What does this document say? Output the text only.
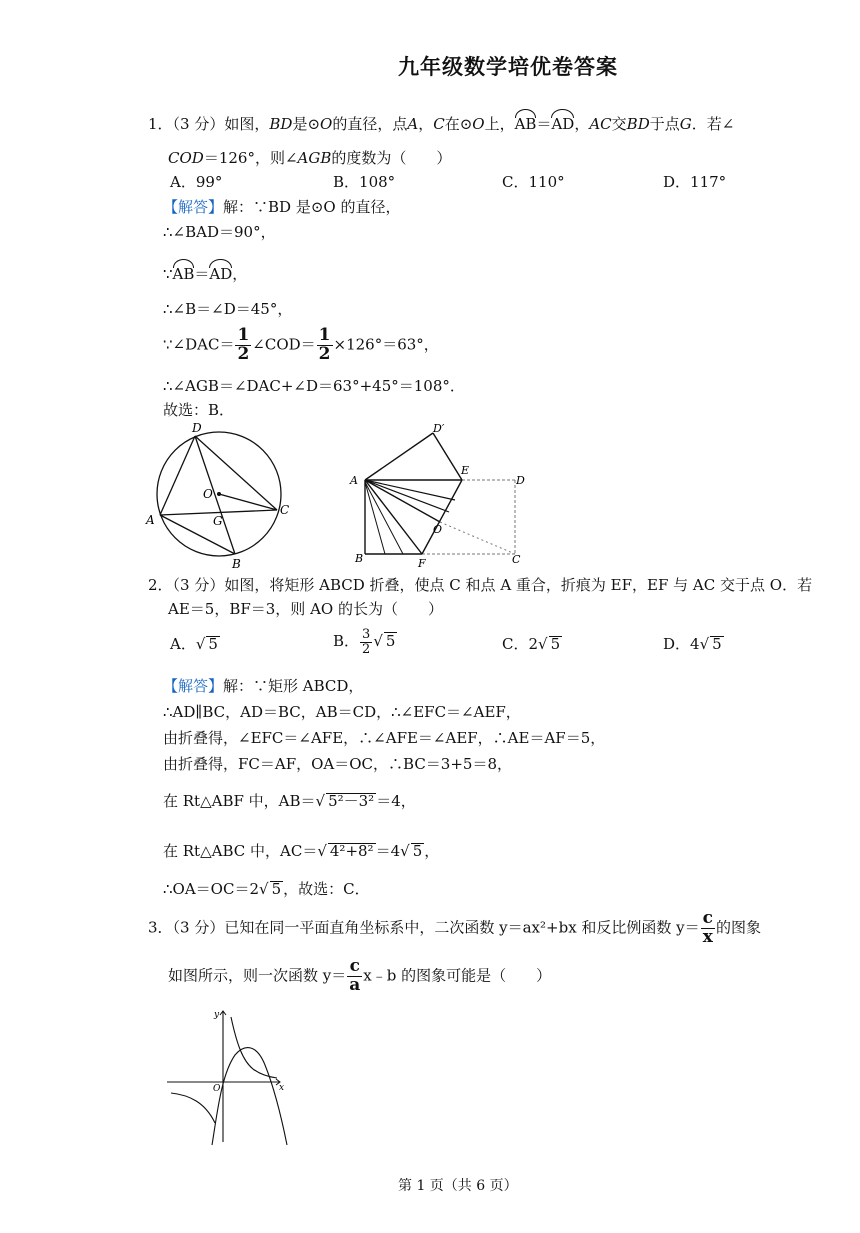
九年级数学培优卷答案
1．（3 分）如图，BD是⊙O的直径，点A，C在⊙O上，AB＝AD，AC交BD于点G．若∠
COD＝126°，则∠AGB的度数为（　　）
A．99°	B．108°	C．110°	D．117°
【解答】解：∵BD 是⊙O 的直径，
∴∠BAD＝90°，
∵AB＝AD，
∴∠B＝∠D＝45°，
∵∠DAC＝ $\frac{1}{2}$ ∠COD＝ $\frac{1}{2} \times 126^\circ=63^\circ$，
∴∠AGB＝∠DAC+∠D＝63°+45°＝108°．
故选：B．
D
O
C
A	G
B
D′
A
E
D
O
B	F	C
2．（3 分）如图，将矩形 ABCD 折叠，使点 C 和点 A 重合，折痕为 EF，EF 与 AC 交于点 O．若
AE＝5，BF＝3，则 AO 的长为（　　）
A．√ 5	B． $\frac{3}{2}$ √ 5	C．2√ 5	D．4√ 5
【解答】解：∵矩形 ABCD，
∴AD∥BC，AD＝BC，AB＝CD，∴∠EFC＝∠AEF，
由折叠得，∠EFC＝∠AFE，∴∠AFE＝∠AEF，∴AE＝AF＝5，
由折叠得，FC＝AF，OA＝OC，∴BC＝3+5＝8，
在 Rt△ABF 中，AB＝√ 5²－3² ＝4，
在 Rt△ABC 中，AC＝√ 4²+8² ＝4√ 5 ，
∴OA＝OC＝2√ 5 ，故选：C．
3．（3 分）已知在同一平面直角坐标系中，二次函数 y＝ax²+bx 和反比例函数 $y= \frac{c}{x}$ 的图象
如图所示，则一次函数 $y= \frac{c}{a}$ x﹣b 的图象可能是（　　）
y
x
O
第 1 页（共 6 页）
